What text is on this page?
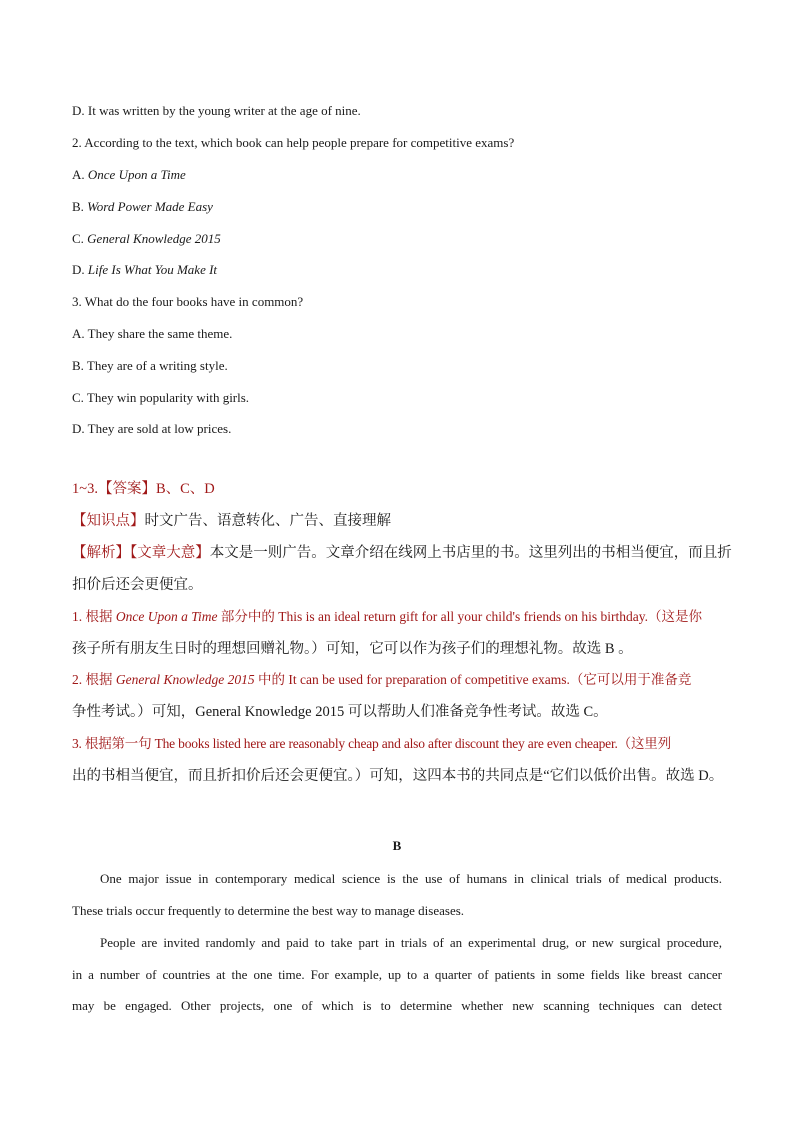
D. It was written by the young writer at the age of nine.
2. According to the text, which book can help people prepare for competitive exams?
A. Once Upon a Time
B. Word Power Made Easy
C. General Knowledge 2015
D. Life Is What You Make It
3. What do the four books have in common?
A. They share the same theme.
B. They are of a writing style.
C. They win popularity with girls.
D. They are sold at low prices.
1~3.【答案】B、C、D
【知识点】时文广告、语意转化、广告、直接理解
【解析】【文章大意】本文是一则广告。文章介绍在线网上书店里的书。这里列出的书相当便宜，而且折
扣价后还会更便宜。
1. 根据 Once Upon a Time 部分中的 This is an ideal return gift for all your child's friends on his birthday.（这是你
孩子所有朋友生日时的理想回赠礼物。）可知，它可以作为孩子们的理想礼物。故选 B 。
2. 根据 General Knowledge 2015 中的 It can be used for preparation of competitive exams.（它可以用于准备竞
争性考试。）可知，General Knowledge 2015 可以帮助人们准备竞争性考试。故选 C。
3. 根据第一句 The books listed here are reasonably cheap and also after discount they are even cheaper.（这里列
出的书相当便宜，而且折扣价后还会更便宜。）可知，这四本书的共同点是“它们以低价出售。故选 D。
B
One major issue in contemporary medical science is the use of humans in clinical trials of medical products.
These trials occur frequently to determine the best way to manage diseases.
People are invited randomly and paid to take part in trials of an experimental drug, or new surgical procedure,
in a number of countries at the one time. For example, up to a quarter of patients in some fields like breast cancer
may be engaged. Other projects, one of which is to determine whether new scanning techniques can detect
